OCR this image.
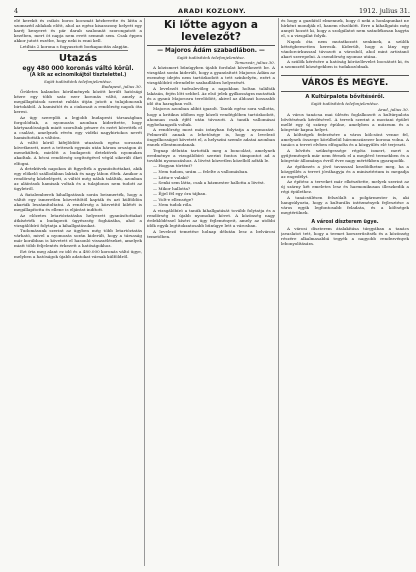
4	ARADI KOZLONY.	1912. julius 31.

elé kerekít és csikós boros kocsmát kézbevette és látta a szomszéd ablakok előtt, ahol az egész kisasszony helyett egy karéj kenyeret és pár darab szalonnát szorongatott a kezében, mert öt napja nem evett semmit sem. Csak éppen akkor jutott eszébe, hogy neki is enni kell.

Letiltás 2 korona s fogyasztott borkapacitás alapján.

Utazás
egy 480 000 koronás váltó körül.
(A kik az ecinomikájtól tisztelettel.)
Saját tudósítónk telefonjelentése.
Budapest, julius 30.

Őrületes kalandos körülmények között került hatósági kézre egy több száz ezer koronás váltó, amely a megállapítások szerint rablás útján jutott a tulajdonosuk birtokából. A hamisítót és a cinkosait a rendőrség napok óta keresi.

Az ügy szereplői a legjobb budapesti társaságban forgolódtak, a nyomozás azonban kiderítette, hogy kártyaadósságok miatt szorultak pénzre és ezért követték el a csalást, amelynek révén egy vidéki nagybirtokos nevét hamisították a váltóra.

A váltó körül kifejlődött utazások egész sorozata következett, mert a tettesek egymás után három országon át menekültek, mielőtt a budapesti detektívek nyomukra akadtak. A bécsi rendőrség segítségével végül sikerült őket elfogni.

A detektívek napokon át figyelték a gyanúsítottakat, akik egy előkelő szállodában laktak és nagy lábon éltek. Amikor a rendőrség közbelépett, a váltót még náluk találták, azonban az aláírások hamisak voltak és a tulajdonos nem tudott az ügyletről.

A fiatalemberek kihallgatásuk során beismerték, hogy a váltót egy ismeretlen közvetítőtől kapták és azt külföldön akarták leszámítoltatni. A rendőrség a közvetítő kilétét is megállapította és ellene is eljárást indított.

Az előzetes letartóztatásba helyezett gyanúsítottakat átkísérték a budapesti ügyészség fogházába, ahol a vizsgálóbíró folytatja a kihallgatásukat.

Tudomásunk szerint az ügyben még több letartóztatás várható, mivel a nyomozás során kiderült, hogy a társaság már korábban is követett el hasonló visszaéléseket, amelyek miatt több feljelentés érkezett a hatóságokhoz.

Ezt írta meg alant ez idő és a 480.000 koronás váltó ügye, melyben a hatóságok újabb adatokat várnak külföldről.

Ki lőtte agyon a levelezőt?
— Majoros Ádám szabadlábon. —
Saját tudósítónk telefonjelentése.
Temesvár, julius 30.

A közismert bűnügyben újabb fordulat következett be. A vizsgálat során kiderült, hogy a gyanúsított Majoros Ádám az esemény idején nem tartózkodott a tett színhelyén, ezért a vizsgálóbíró elrendelte szabadlábra helyezését.

A levelezőt tudvalevőleg a napokban holtan találták lakásán, fején lőtt sebbel. Az első jelek gyilkosságra mutattak és a gyanú Majorosra terelődött, akivel az áldozat hosszabb idő óta haragban volt.

Majoros azonban alibit igazolt. Tanúk egész sora vallotta, hogy a kritikus időben egy közeli vendéglőben tartózkodott, ahonnan csak éjfél után távozott. A tanúk vallomásai egybehangzók voltak.

A rendőrség most más irányban folytatja a nyomozást. Felmerült annak a lehetősége is, hogy a levelező öngyilkosságot követett el, a helyszíni szemle adatai azonban ennek ellentmondanak.

Tegnap délután tartották meg a boncolást, amelynek eredménye a vizsgálóbíró szerint fontos támpontot ad a további nyomozáshoz. A lövést közvetlen közelből adták le.

— Hogyan történt?

— Nem tudom, urám — felelte a vallomásban.

— Látta-e valaki?

— Senki sem látta, csak a házmester hallotta a lövést.

— Mikor hallotta?

— Éjjel fél egy óra tájban.

— Volt-e ellensége?

— Nem tudok róla.

A vizsgálóbíró a tanúk kihallgatását tovább folytatja és a rendőrség is újabb nyomokat követ. A közönség nagy érdeklődéssel kíséri az ügy fejleményeit, amely az utóbbi idők egyik legtitokzatosabb bűnügye lett a városban.

A levelező temetése holnap délután lesz a belvárosi temetőben.

és hogy a gazdától elmennek, hogy ő neki a honlapunkat ne hírként mondják el, hanem elszökött. Erre a kihallgatás még annyit hozott ki, hogy a szolgálatot nem szándékosan hagyta el, s a vizsgálat folyik.

Napok óta nem mutatkozott senkinek, a szülők kétségbeesetten keresik. Kiderült, hogy a lány egy vándorcirkusszal távozott a városból, ahol mint artistanő akart szerepelni. A csendőrség nyomoz utána.

A szülők kérésére a hatóság körözőlevelet bocsátott ki, és a szomszéd községekben is tudakozódnak.

VÁROS ÉS MEGYE.
A Kultúrpalota bővítéséről.
Saját tudósítónk telefonjelentése.
Arad, julius 30.

A város tanácsa mai ülésén foglalkozott a kultúrpalota bővítésének kérdésével. A tervek szerint a mostani épület mellé egy új szárny épülne, amelyben a múzeum és a könyvtár kapna helyet.

A költségek fedezésére a város kölcsönt venne fel, amelynek összege körülbelül háromszázezer korona volna. A tanács a tervet elvben elfogadta és a közgyűlés elé terjeszti.

A bővítés szükségessége régóta ismert, mert a gyűjtemények már nem férnek el a meglévő termekben és a könyvtár állománya évről évre nagy mértékben gyarapodik.

Az építkezés a jövő tavasszal kezdődhetne meg, ha a közgyűlés a tervet jóváhagyja és a minisztérium is megadja az engedélyt.

Az építész a terveket már elkészítette, melyek szerint az új szárny két emeletes lesz és harmonikusan illeszkedik a régi épülethez.

A tanácsülésen felszólalt a polgármester is, aki hangsúlyozta, hogy a kulturális intézmények fejlesztése a város egyik legfontosabb feladata, és a költségek megtérülnek.

A városi díszterem ügye.

A városi díszterem átalakítása tárgyában a tanács javaslatot tett, hogy a termet korszerűsítsék és a közönség részére alkalmasabbá tegyék a nagyobb rendezvények lebonyolítására.
